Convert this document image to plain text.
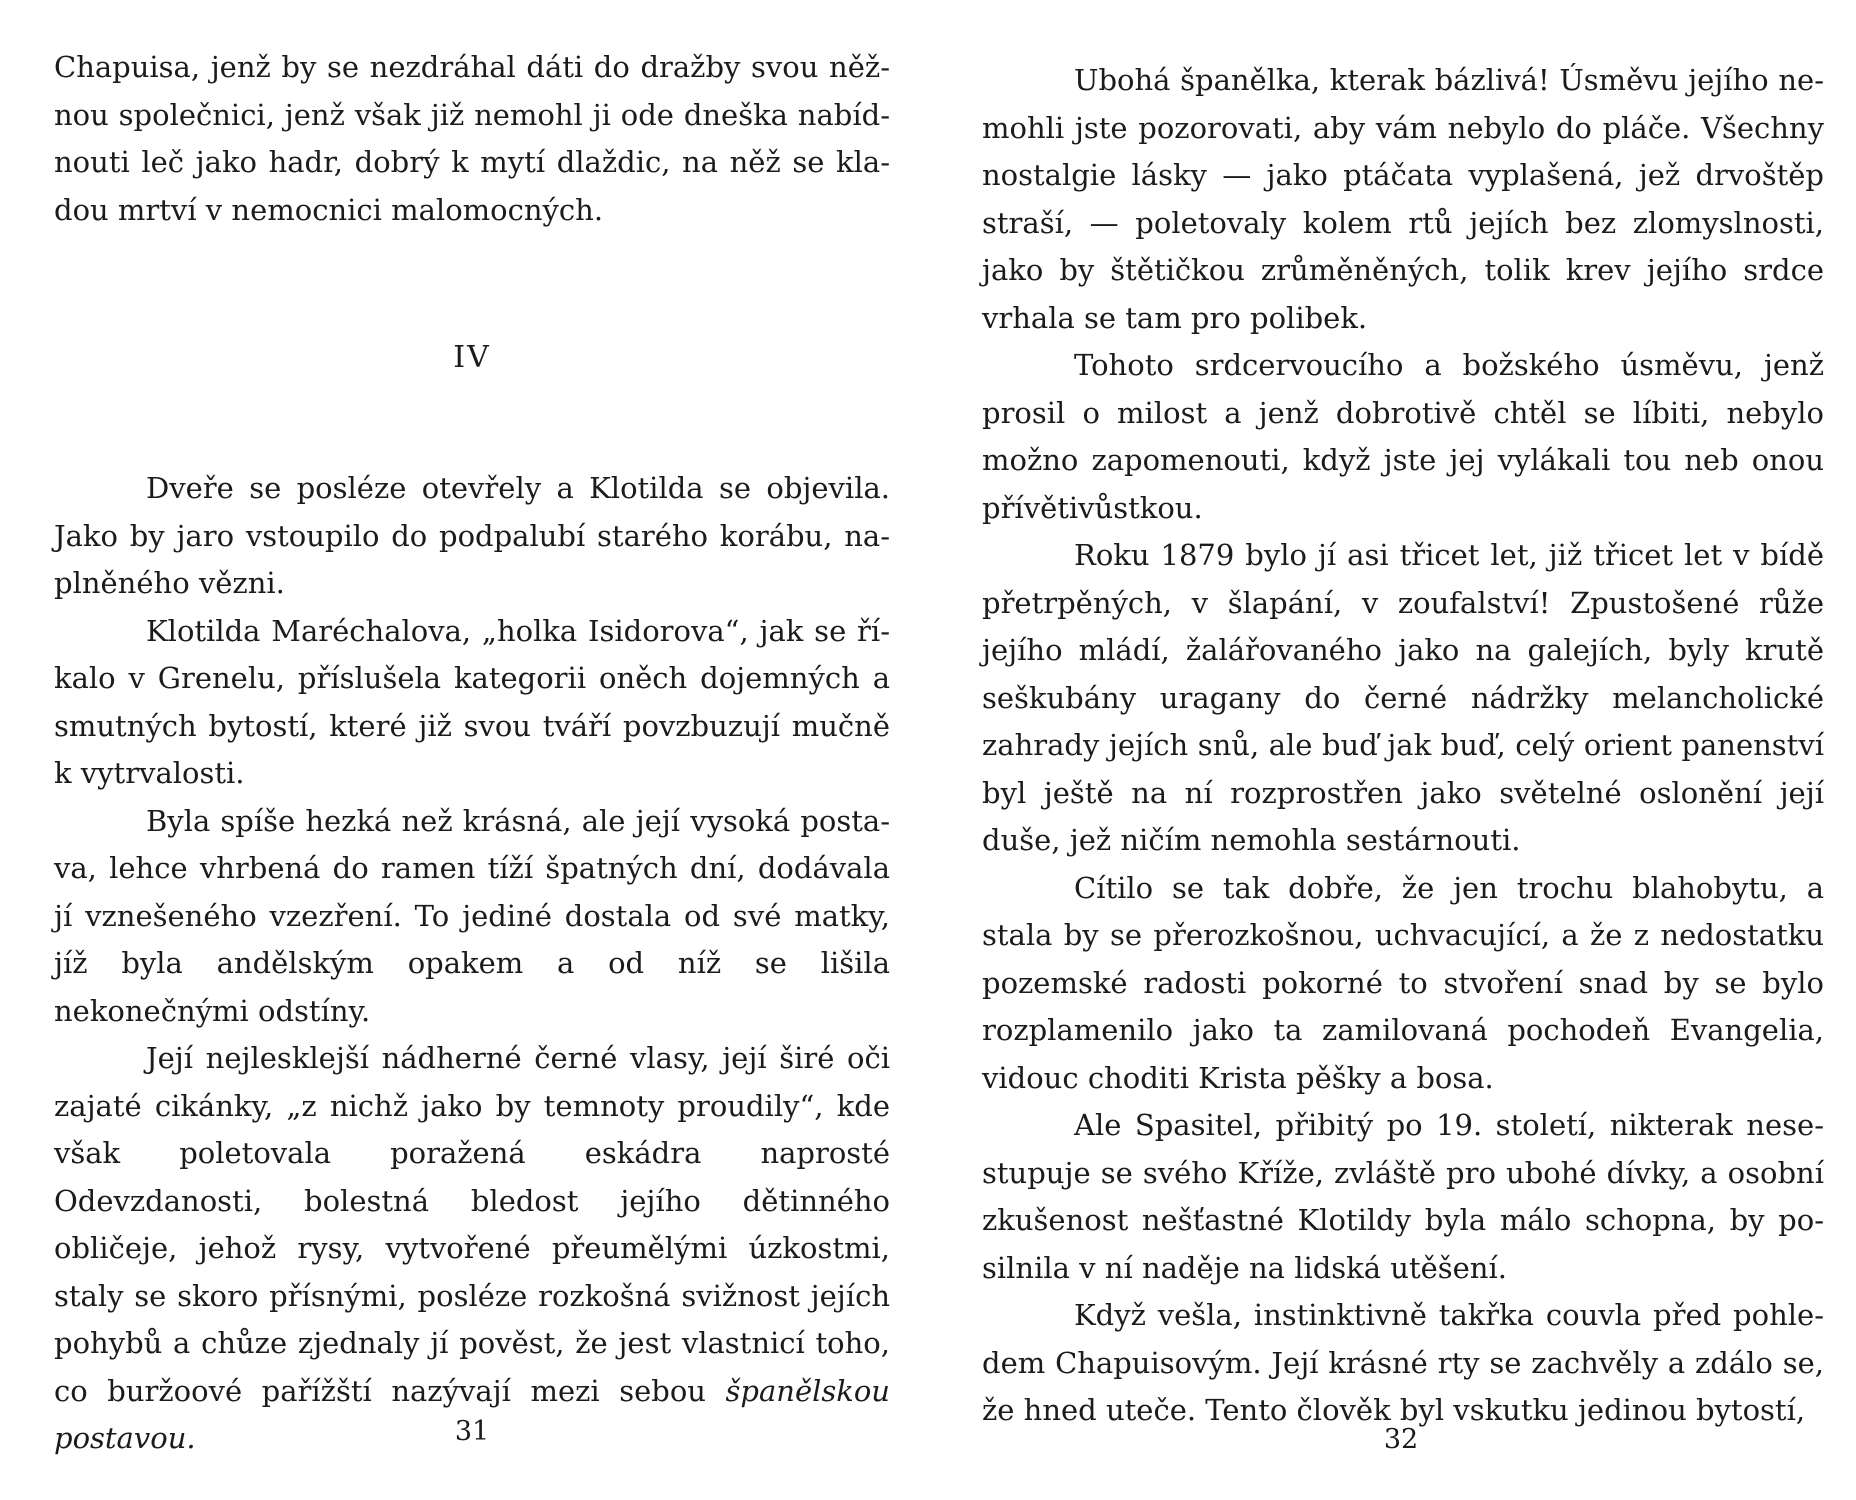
Chapuisa, jenž by se nezdráhal dáti do dražby svou něžnou společnici, jenž však již nemohl ji ode dneška nabídnouti leč jako hadr, dobrý k mytí dlaždic, na něž se kladou mrtví v nemocnici malomocných.

IV

Dveře se posléze otevřely a Klotilda se objevila. Jako by jaro vstoupilo do podpalubí starého korábu, naplněného vězni.

Klotilda Maréchalova, „holka Isidorova“, jak se říkalo v Grenelu, příslušela kategorii oněch dojemných a smutných bytostí, které již svou tváří povzbuzují mučně k vytrvalosti.

Byla spíše hezká než krásná, ale její vysoká postava, lehce vhrbená do ramen tíží špatných dní, dodávala jí vznešeného vzezření. To jediné dostala od své matky, jíž byla andělským opakem a od níž se lišila nekonečnými odstíny.

Její nejlesklejší nádherné černé vlasy, její širé oči zajaté cikánky, „z nichž jako by temnoty proudily“, kde však poletovala poražená eskádra naprosté Odevzdanosti, bolestná bledost jejího dětinného obličeje, jehož rysy, vytvořené přeumělými úzkostmi, staly se skoro přísnými, posléze rozkošná svižnost jejích pohybů a chůze zjednaly jí pověst, že jest vlastnicí toho, co buržoové pařížští nazývají mezi sebou španělskou postavou.	31

Ubohá španělka, kterak bázlivá! Úsměvu jejího nemohli jste pozorovati, aby vám nebylo do pláče. Všechny nostalgie lásky — jako ptáčata vyplašená, jež drvoštěp straší, — poletovaly kolem rtů jejích bez zlomyslnosti, jako by štětičkou zrůměněných, tolik krev jejího srdce vrhala se tam pro polibek.

Tohoto srdcervoucího a božského úsměvu, jenž prosil o milost a jenž dobrotivě chtěl se líbiti, nebylo možno zapomenouti, když jste jej vylákali tou neb onou přívětivůstkou.

Roku 1879 bylo jí asi třicet let, již třicet let v bídě přetrpěných, v šlapání, v zoufalství! Zpustošené růže jejího mládí, žalářovaného jako na galejích, byly krutě seškubány uragany do černé nádržky melancholické zahrady jejích snů, ale buď jak buď, celý orient panenství byl ještě na ní rozprostřen jako světelné oslonění její duše, jež ničím nemohla sestárnouti.

Cítilo se tak dobře, že jen trochu blahobytu, a stala by se přerozkošnou, uchvacující, a že z nedostatku pozemské radosti pokorné to stvoření snad by se bylo rozplamenilo jako ta zamilovaná pochodeň Evangelia, vidouc choditi Krista pěšky a bosa.

Ale Spasitel, přibitý po 19. století, nikterak nesestupuje se svého Kříže, zvláště pro ubohé dívky, a osobní zkušenost nešťastné Klotildy byla málo schopna, by posilnila v ní naděje na lidská utěšení.

Když vešla, instinktivně takřka couvla před pohledem Chapuisovým. Její krásné rty se zachvěly a zdálo se, že hned uteče. Tento člověk byl vskutku jedinou bytostí,

32
